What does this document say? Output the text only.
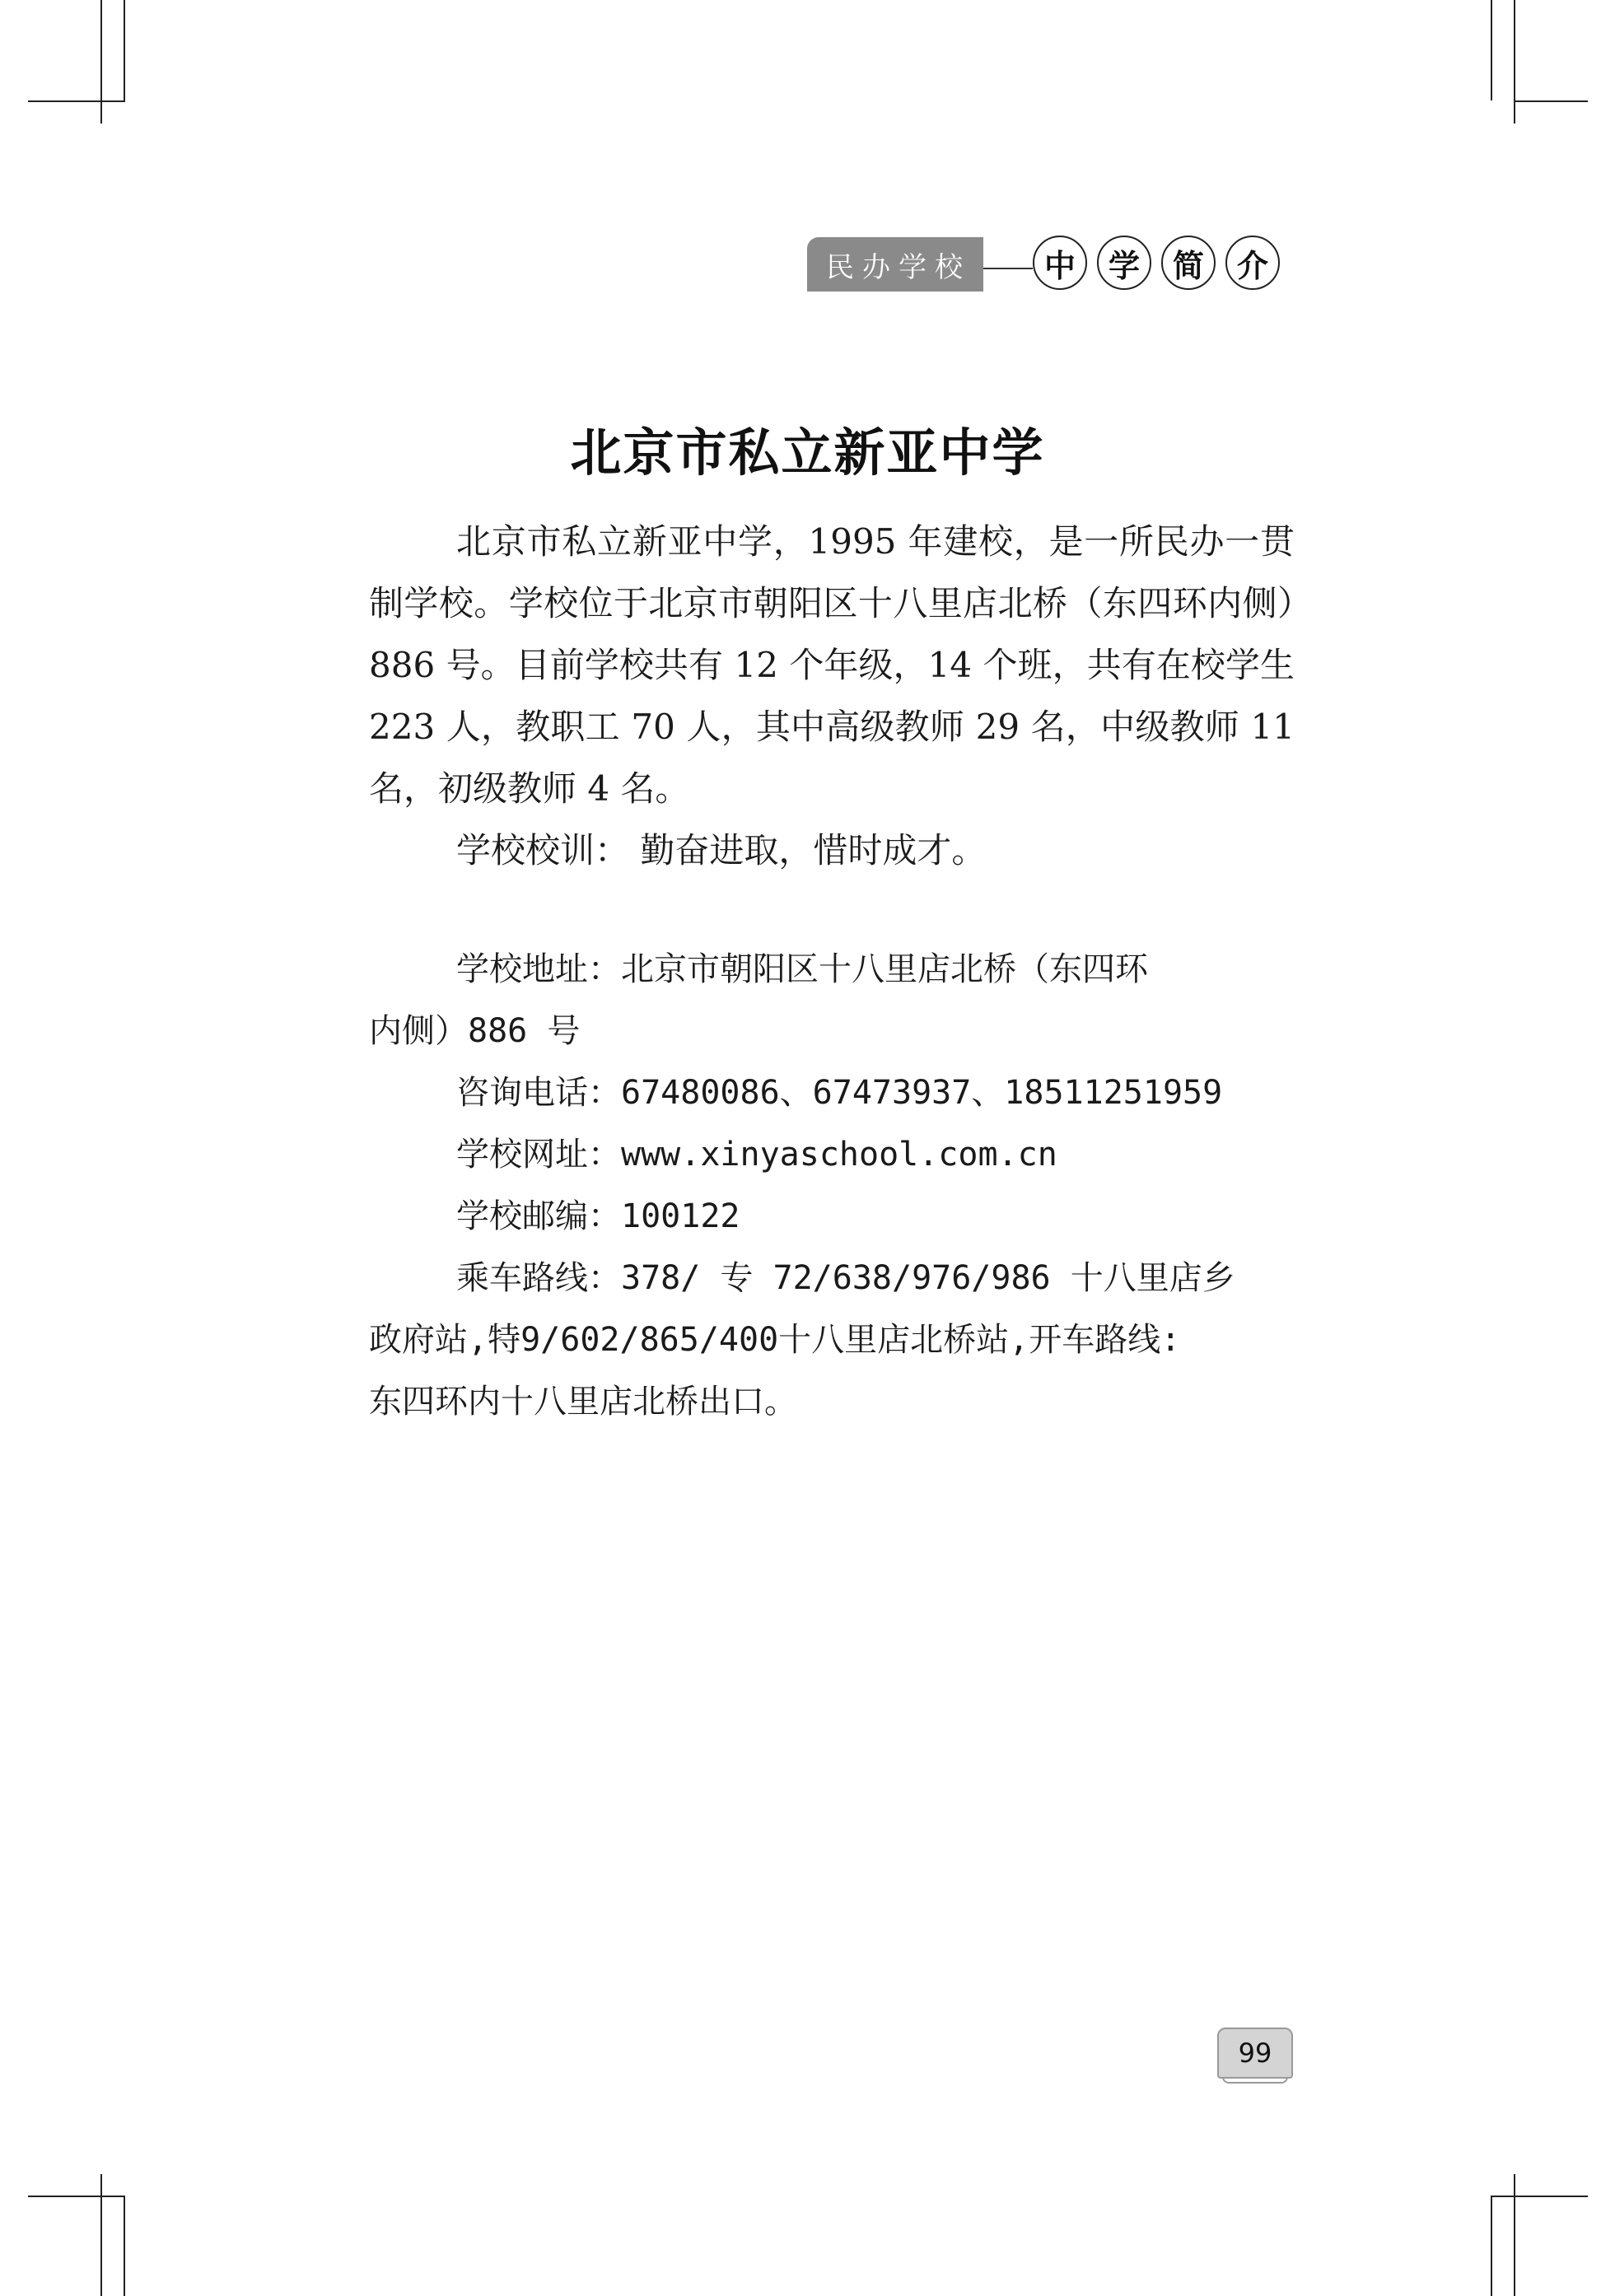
民办学校	中	学	简	介
北京市私立新亚中学

北京市私立新亚中学，1995 年建校，是一所民办一贯制学校。学校位于北京市朝阳区十八里店北桥（东四环内侧）886 号。目前学校共有 12 个年级，14 个班，共有在校学生 223 人，教职工 70 人，其中高级教师 29 名，中级教师 11 名，初级教师 4 名。

学校校训： 勤奋进取，惜时成才。

学校地址：北京市朝阳区十八里店北桥（东四环

内侧）886 号

咨询电话：67480086、67473937、18511251959

学校网址：www.xinyaschool.com.cn

学校邮编：100122

乘车路线：378/ 专 72/638/976/986 十八里店乡

政府站,特9/602/865/400十八里店北桥站,开车路线:

东四环内十八里店北桥出口。

99
